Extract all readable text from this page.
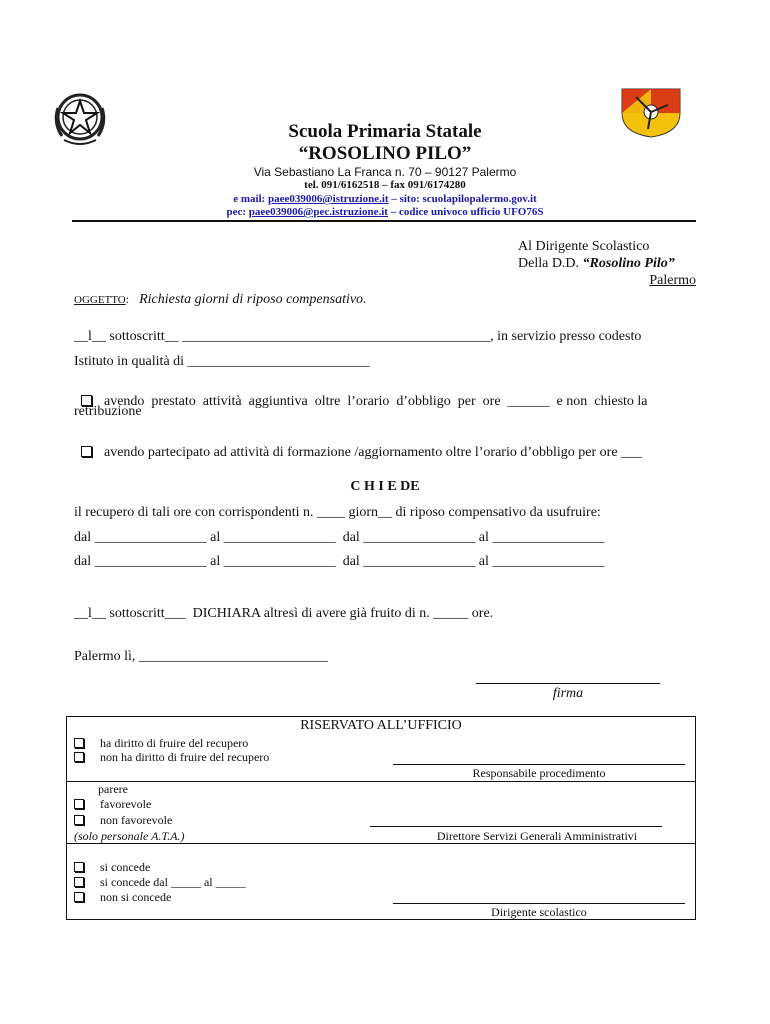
Scuola Primaria Statale
“ROSOLINO PILO”
Via Sebastiano La Franca n. 70 – 90127 Palermo
tel. 091/6162518 – fax 091/6174280
e mail: paee039006@istruzione.it – sito: scuolapilopalermo.gov.it
pec: paee039006@pec.istruzione.it – codice univoco ufficio UFO76S
Al Dirigente Scolastico
Della D.D. “Rosolino Pilo”
Palermo
OGGETTO: Richiesta giorni di riposo compensativo.
__l__ sottoscritt__ ____________________________________________, in servizio presso codesto
Istituto in qualità di __________________________

avendo  prestato  attività  aggiuntiva  oltre  l’orario  d’obbligo  per  ore  ______  e non  chiesto la

retribuzione

avendo partecipato ad attività di formazione /aggiornamento oltre l’orario d’obbligo per ore ___

C H I E DE
il recupero di tali ore con corrispondenti n. ____ giorn__ di riposo compensativo da usufruire:
dal ________________ al ________________  dal ________________ al ________________
dal ________________ al ________________  dal ________________ al ________________
__l__ sottoscritt___  DICHIARA altresì di avere già fruito di n. _____ ore.
Palermo lì, ___________________________
firma
RISERVATO ALL’UFFICIO
ha diritto di fruire del recupero
non ha diritto di fruire del recupero
Responsabile procedimento
parere
favorevole
non favorevole
(solo personale A.T.A.)	Direttore Servizi Generali Amministrativi
si concede
si concede dal _____ al _____
non si concede
Dirigente scolastico
